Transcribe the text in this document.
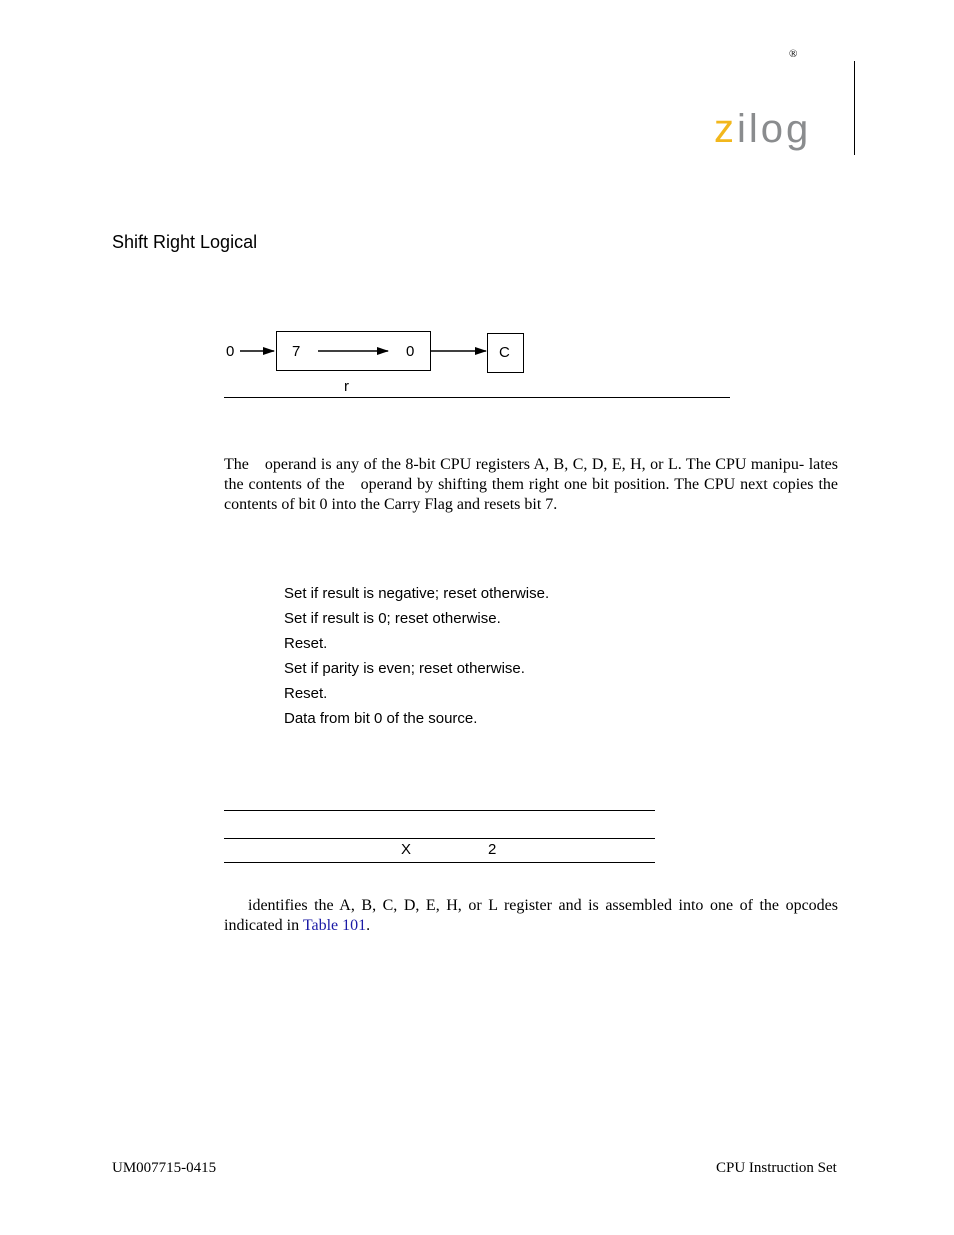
®
zilog
Shift Right Logical
0	7	0	C
r
The operand is any of the 8-bit CPU registers A, B, C, D, E, H, or L. The CPU manipu- lates the contents of the operand by shifting them right one bit position. The CPU next copies the contents of bit 0 into the Carry Flag and resets bit 7.
Set if result is negative; reset otherwise.
Set if result is 0; reset otherwise.
Reset.
Set if parity is even; reset otherwise.
Reset.
Data from bit 0 of the source.
X	2
identifies the A, B, C, D, E, H, or L register and is assembled into one of the opcodes indicated in Table 101.
UM007715-0415	CPU Instruction Set
